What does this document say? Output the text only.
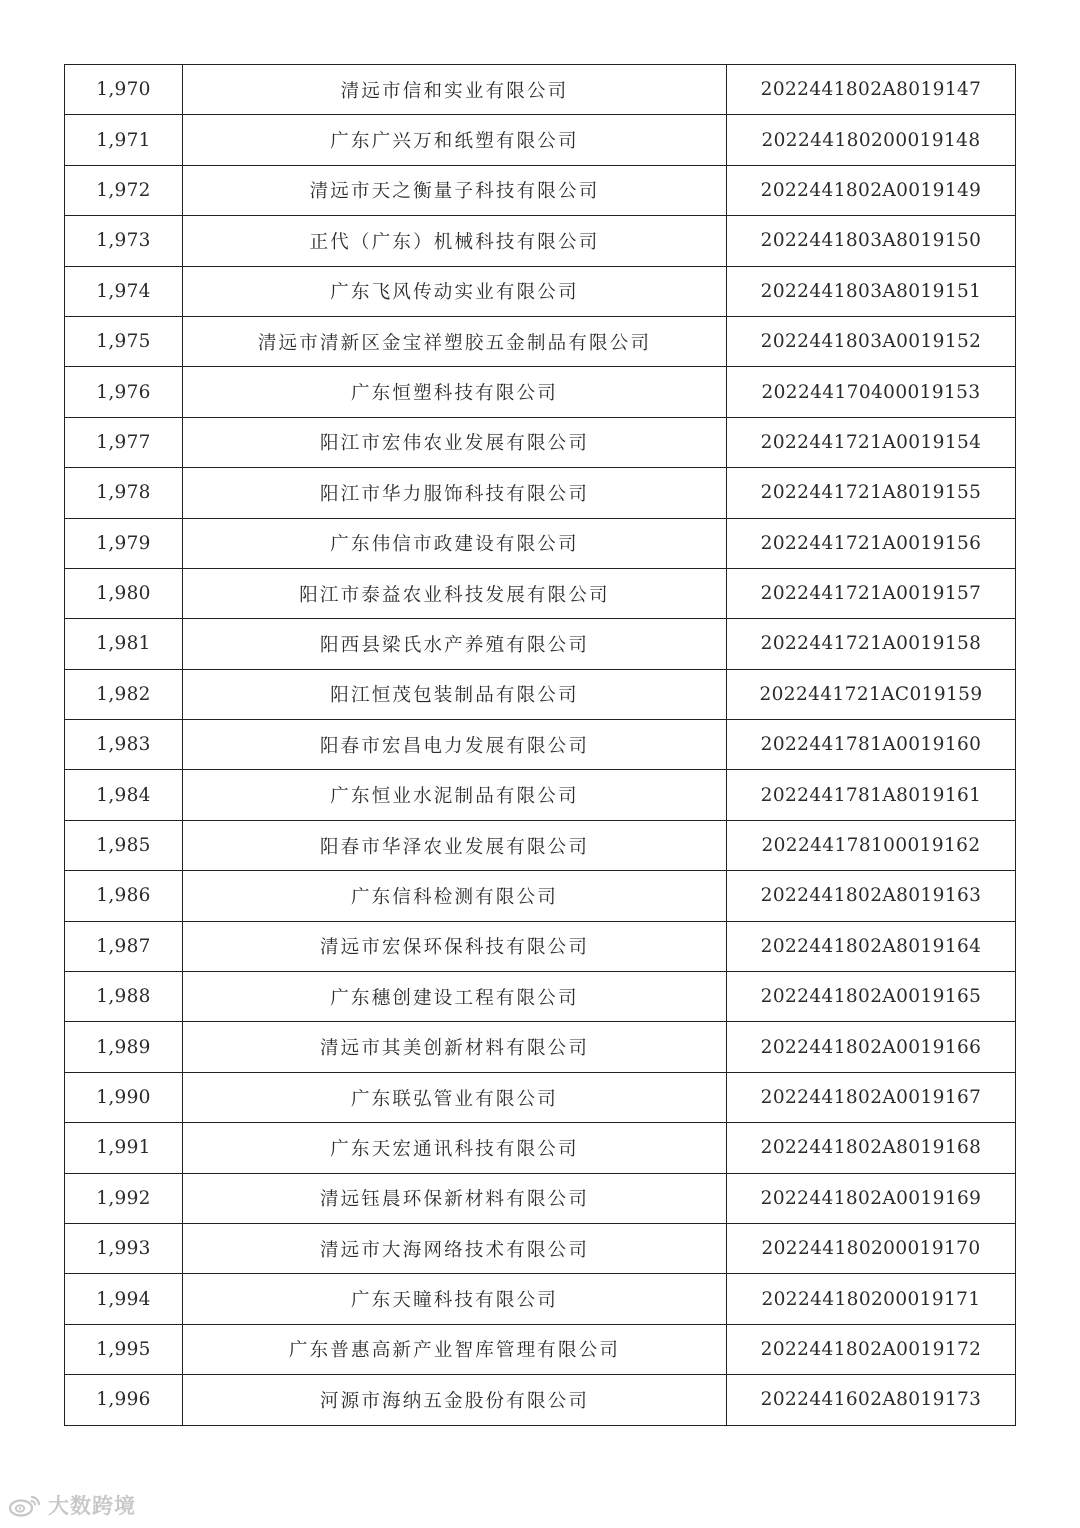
1,970	清远市信和实业有限公司	2022441802A8019147
1,971	广东广兴万和纸塑有限公司	20224418020001914​8
1,972	清远市天之衡量子科技有限公司	2022441802A0019149
1,973	正代（广东）机械科技有限公司	2022441803A8019150
1,974	广东飞风传动实业有限公司	2022441803A8019151
1,975	清远市清新区金宝祥塑胶五金制品有限公司	2022441803A0019152
1,976	广东恒塑科技有限公司	202244170400019153
1,977	阳江市宏伟农业发展有限公司	2022441721A0019154
1,978	阳江市华力服饰科技有限公司	2022441721A8019155
1,979	广东伟信市政建设有限公司	2022441721A0019156
1,980	阳江市泰益农业科技发展有限公司	2022441721A0019157
1,981	阳西县梁氏水产养殖有限公司	2022441721A0019158
1,982	阳江恒茂包装制品有限公司	2022441721AC019159
1,983	阳春市宏昌电力发展有限公司	2022441781A0019160
1,984	广东恒业水泥制品有限公司	2022441781A8019161
1,985	阳春市华泽农业发展有限公司	202244178100019162
1,986	广东信科检测有限公司	2022441802A8019163
1,987	清远市宏保环保科技有限公司	2022441802A8019164
1,988	广东穗创建设工程有限公司	2022441802A0019165
1,989	清远市其美创新材料有限公司	2022441802A0019166
1,990	广东联弘管业有限公司	2022441802A0019167
1,991	广东天宏通讯科技有限公司	2022441802A8019168
1,992	清远钰晨环保新材料有限公司	2022441802A0019169
1,993	清远市大海网络技术有限公司	202244180200019170
1,994	广东天瞳科技有限公司	202244180200019171
1,995	广东普惠高新产业智库管理有限公司	2022441802A0019172
1,996	河源市海纳五金股份有限公司	2022441602A8019173
大数跨境
